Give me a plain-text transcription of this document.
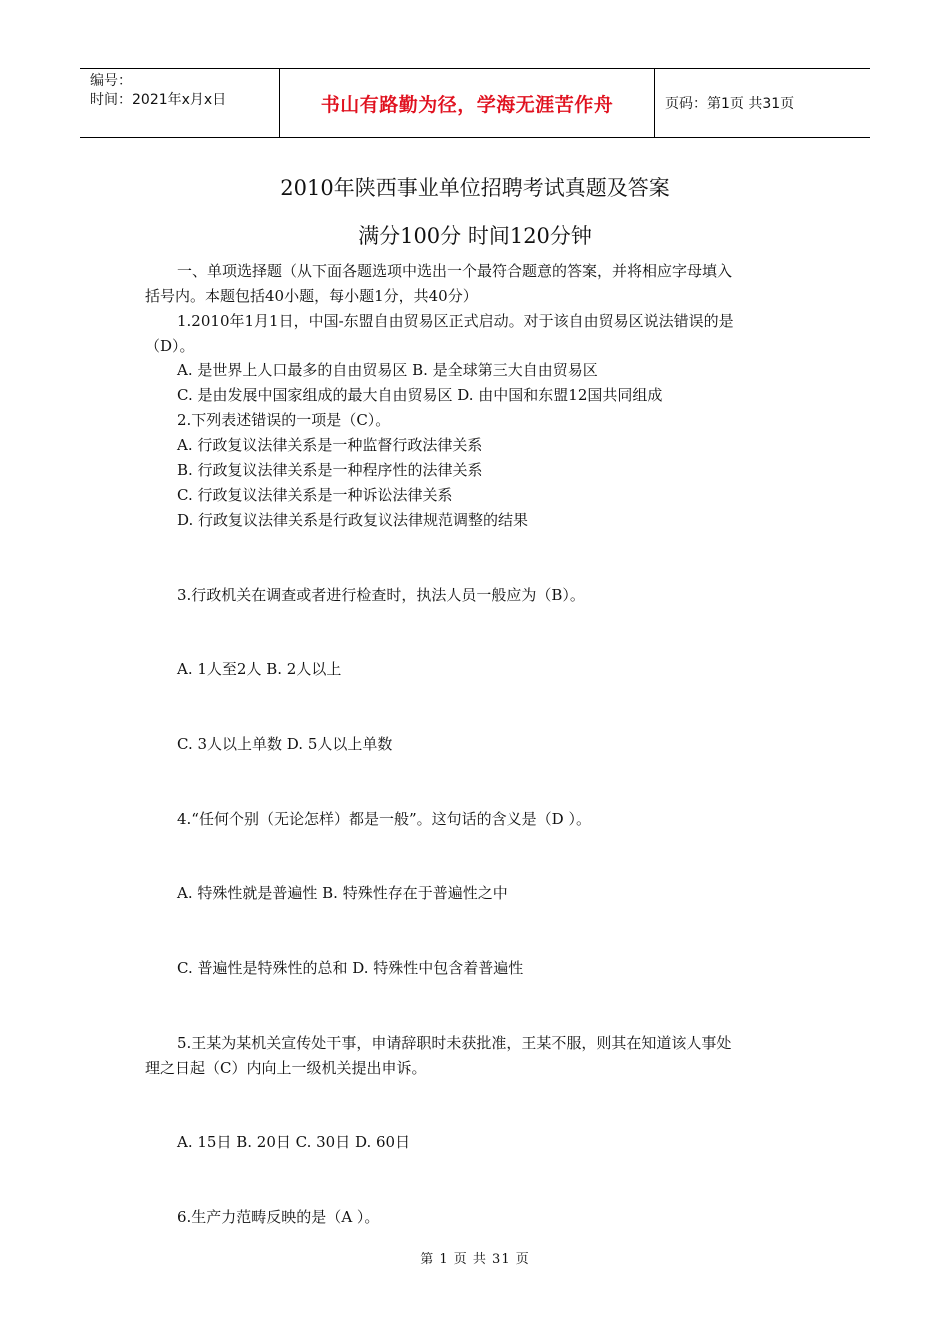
编号：
时间：2021年x月x日	书山有路勤为径，学海无涯苦作舟	页码：第1页 共31页
2010年陕西事业单位招聘考试真题及答案
满分100分 时间120分钟
一、单项选择题（从下面各题选项中选出一个最符合题意的答案，并将相应字母填入
括号内。本题包括40小题，每小题1分，共40分）
1.2010年1月1日，中国-东盟自由贸易区正式启动。对于该自由贸易区说法错误的是
（D）。
A. 是世界上人口最多的自由贸易区 B. 是全球第三大自由贸易区
C. 是由发展中国家组成的最大自由贸易区 D. 由中国和东盟12国共同组成
2.下列表述错误的一项是（C）。
A. 行政复议法律关系是一种监督行政法律关系
B. 行政复议法律关系是一种程序性的法律关系
C. 行政复议法律关系是一种诉讼法律关系
D. 行政复议法律关系是行政复议法律规范调整的结果
3.行政机关在调查或者进行检查时，执法人员一般应为（B）。
A. 1人至2人 B. 2人以上
C. 3人以上单数 D. 5人以上单数
4.“任何个别（无论怎样）都是一般”。这句话的含义是（D ）。
A. 特殊性就是普遍性 B. 特殊性存在于普遍性之中
C. 普遍性是特殊性的总和 D. 特殊性中包含着普遍性
5.王某为某机关宣传处干事，申请辞职时未获批准，王某不服，则其在知道该人事处
理之日起（C）内向上一级机关提出申诉。
A. 15日 B. 20日 C. 30日 D. 60日
6.生产力范畴反映的是（A ）。
第 1 页 共 31 页
